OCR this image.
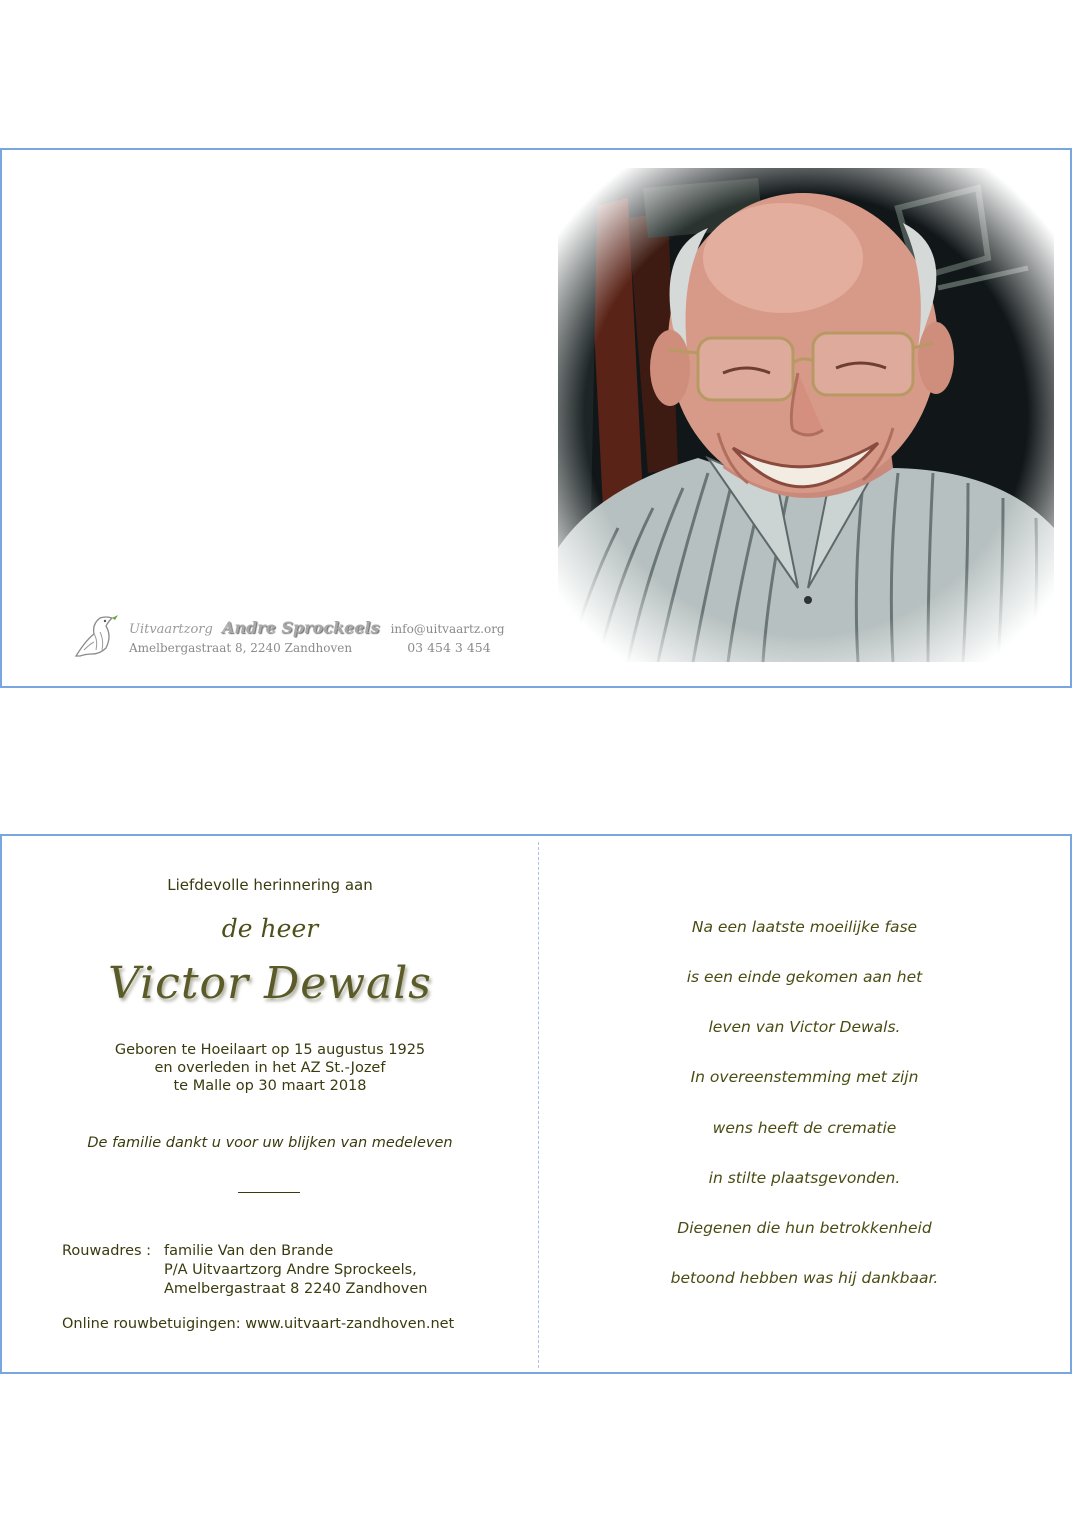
Uitvaartzorg Andre Sprockeels info@uitvaartz.org
Amelbergastraat 8, 2240 Zandhoven	03 454 3 454
Liefdevolle herinnering aan
de heer
Victor Dewals
Geboren te Hoeilaart op 15 augustus 1925
en overleden in het AZ St.-Jozef
te Malle op 30 maart 2018
De familie dankt u voor uw blijken van medeleven
Rouwadres : familie Van den Brande
P/A Uitvaartzorg Andre Sprockeels,
Amelbergastraat 8 2240 Zandhoven
Online rouwbetuigingen: www.uitvaart-zandhoven.net
Na een laatste moeilijke fase
is een einde gekomen aan het
leven van Victor Dewals.
In overeenstemming met zijn
wens heeft de crematie
in stilte plaatsgevonden.
Diegenen die hun betrokkenheid
betoond hebben was hij dankbaar.
